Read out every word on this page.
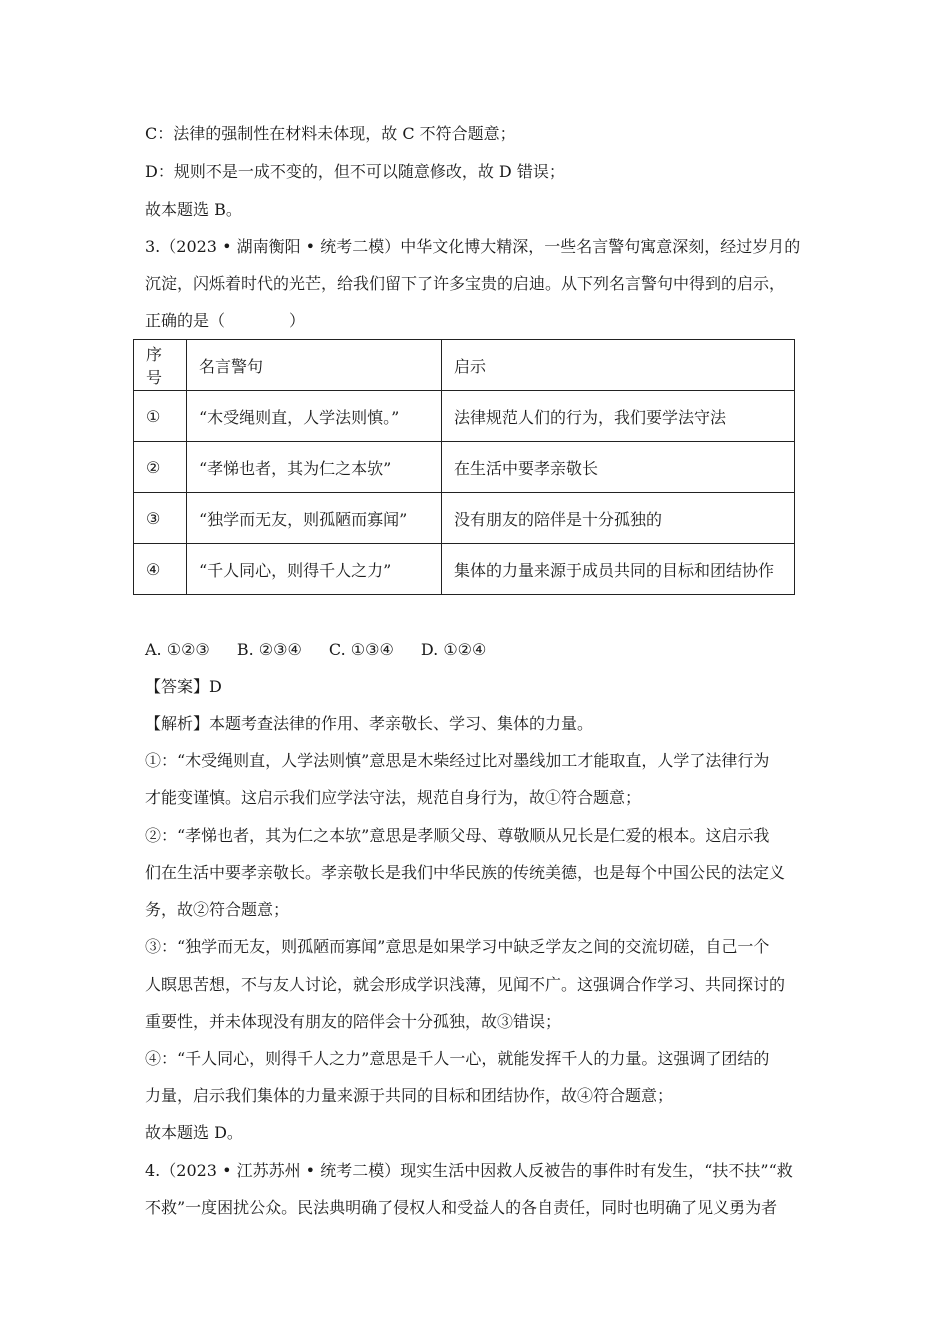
C：法律的强制性在材料未体现，故 C 不符合题意；
D：规则不是一成不变的，但不可以随意修改，故 D 错误；
故本题选 B。
3.（2023 • 湖南衡阳 • 统考二模）中华文化博大精深，一些名言警句寓意深刻，经过岁月的
沉淀，闪烁着时代的光芒，给我们留下了许多宝贵的启迪。从下列名言警句中得到的启示，
正确的是（　　　　）
序号	名言警句	启示
①	“木受绳则直，人学法则慎。”	法律规范人们的行为，我们要学法守法
②	“孝悌也者，其为仁之本欤”	在生活中要孝亲敬长
③	“独学而无友，则孤陋而寡闻”	没有朋友的陪伴是十分孤独的
④	“千人同心，则得千人之力”	集体的力量来源于成员共同的目标和团结协作
A. ①②③ B. ②③④ C. ①③④ D. ①②④
【答案】D
【解析】本题考查法律的作用、孝亲敬长、学习、集体的力量。
①：“木受绳则直，人学法则慎”意思是木柴经过比对墨线加工才能取直，人学了法律行为
才能变谨慎。这启示我们应学法守法，规范自身行为，故①符合题意；
②：“孝悌也者，其为仁之本欤”意思是孝顺父母、尊敬顺从兄长是仁爱的根本。这启示我
们在生活中要孝亲敬长。孝亲敬长是我们中华民族的传统美德，也是每个中国公民的法定义
务，故②符合题意；
③：“独学而无友，则孤陋而寡闻”意思是如果学习中缺乏学友之间的交流切磋，自己一个
人瞑思苦想，不与友人讨论，就会形成学识浅薄，见闻不广。这强调合作学习、共同探讨的
重要性，并未体现没有朋友的陪伴会十分孤独，故③错误；
④：“千人同心，则得千人之力”意思是千人一心，就能发挥千人的力量。这强调了团结的
力量，启示我们集体的力量来源于共同的目标和团结协作，故④符合题意；
故本题选 D。
4.（2023 • 江苏苏州 • 统考二模）现实生活中因救人反被告的事件时有发生，“扶不扶”“救
不救”一度困扰公众。民法典明确了侵权人和受益人的各自责任，同时也明确了见义勇为者
